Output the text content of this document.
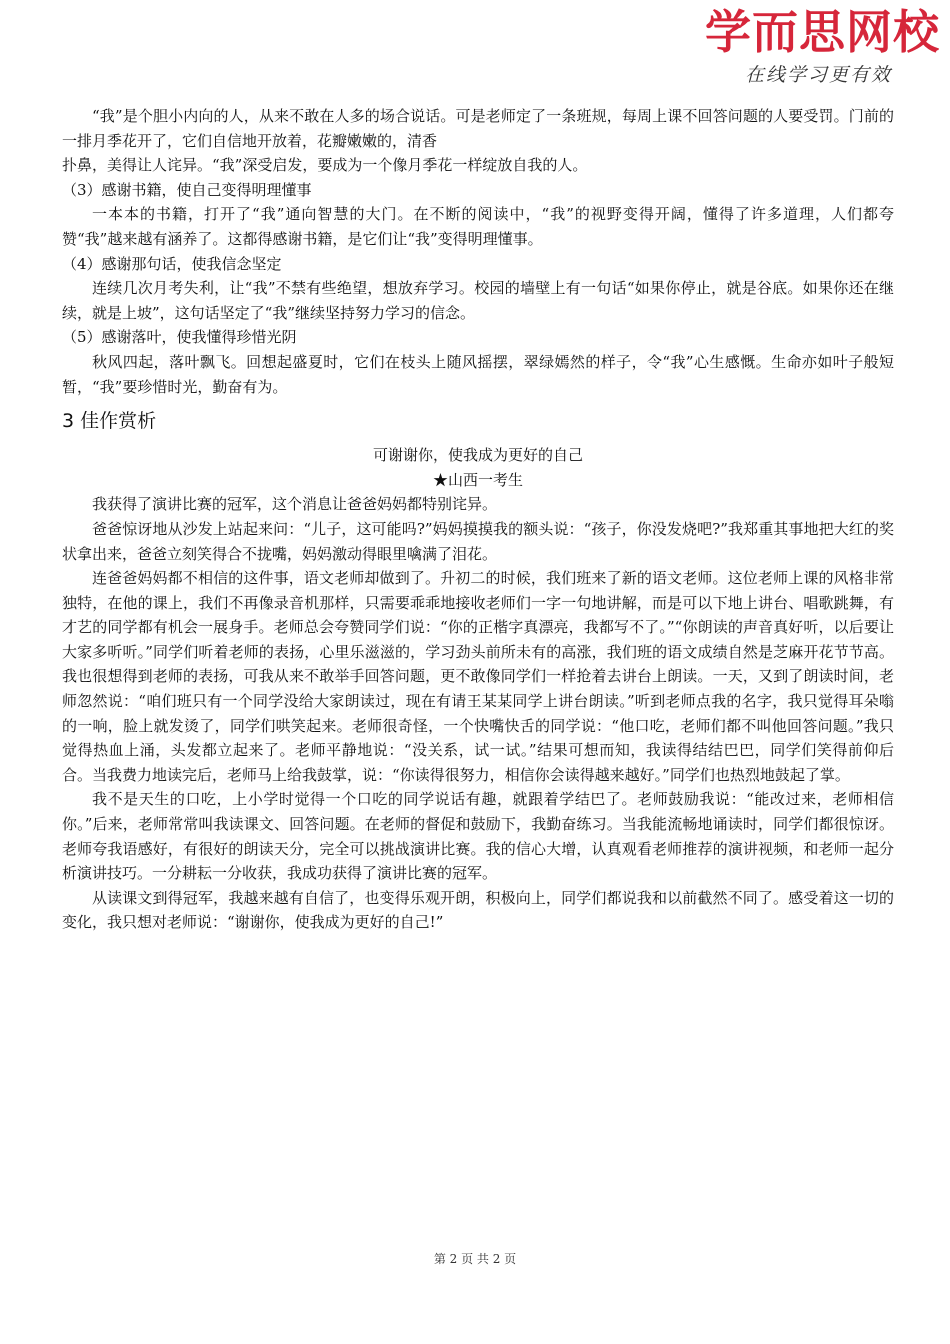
学而思网校
在线学习更有效

“我”是个胆小内向的人，从来不敢在人多的场合说话。可是老师定了一条班规，每周上课不回答问题的人要受罚。门前的一排月季花开了，它们自信地开放着，花瓣嫩嫩的，清香

扑鼻，美得让人诧异。“我”深受启发，要成为一个像月季花一样绽放自我的人。

（3）感谢书籍，使自己变得明理懂事

一本本的书籍，打开了“我”通向智慧的大门。在不断的阅读中，“我”的视野变得开阔，懂得了许多道理，人们都夸赞“我”越来越有涵养了。这都得感谢书籍，是它们让“我”变得明理懂事。

（4）感谢那句话，使我信念坚定

连续几次月考失利，让“我”不禁有些绝望，想放弃学习。校园的墙壁上有一句话“如果你停止，就是谷底。如果你还在继续，就是上坡”，这句话坚定了“我”继续坚持努力学习的信念。

（5）感谢落叶，使我懂得珍惜光阴

秋风四起，落叶飘飞。回想起盛夏时，它们在枝头上随风摇摆，翠绿嫣然的样子，令“我”心生感慨。生命亦如叶子般短暂，“我”要珍惜时光，勤奋有为。

3 佳作赏析

可谢谢你，使我成为更好的自己

★山西一考生

我获得了演讲比赛的冠军，这个消息让爸爸妈妈都特别诧异。

爸爸惊讶地从沙发上站起来问：“儿子，这可能吗?”妈妈摸摸我的额头说：“孩子，你没发烧吧?”我郑重其事地把大红的奖状拿出来，爸爸立刻笑得合不拢嘴，妈妈激动得眼里噙满了泪花。

连爸爸妈妈都不相信的这件事，语文老师却做到了。升初二的时候，我们班来了新的语文老师。这位老师上课的风格非常独特，在他的课上，我们不再像录音机那样，只需要乖乖地接收老师们一字一句地讲解，而是可以下地上讲台、唱歌跳舞，有才艺的同学都有机会一展身手。老师总会夸赞同学们说：“你的正楷字真漂亮，我都写不了。”“你朗读的声音真好听，以后要让大家多听听。”同学们听着老师的表扬，心里乐滋滋的，学习劲头前所未有的高涨，我们班的语文成绩自然是芝麻开花节节高。我也很想得到老师的表扬，可我从来不敢举手回答问题，更不敢像同学们一样抢着去讲台上朗读。一天，又到了朗读时间，老师忽然说：“咱们班只有一个同学没给大家朗读过，现在有请王某某同学上讲台朗读。”听到老师点我的名字，我只觉得耳朵嗡的一响，脸上就发烫了，同学们哄笑起来。老师很奇怪，一个快嘴快舌的同学说：“他口吃，老师们都不叫他回答问题。”我只觉得热血上涌，头发都立起来了。老师平静地说：“没关系，试一试。”结果可想而知，我读得结结巴巴，同学们笑得前仰后合。当我费力地读完后，老师马上给我鼓掌，说：“你读得很努力，相信你会读得越来越好。”同学们也热烈地鼓起了掌。

我不是天生的口吃，上小学时觉得一个口吃的同学说话有趣，就跟着学结巴了。老师鼓励我说：“能改过来，老师相信你。”后来，老师常常叫我读课文、回答问题。在老师的督促和鼓励下，我勤奋练习。当我能流畅地诵读时，同学们都很惊讶。老师夸我语感好，有很好的朗读天分，完全可以挑战演讲比赛。我的信心大增，认真观看老师推荐的演讲视频，和老师一起分析演讲技巧。一分耕耘一分收获，我成功获得了演讲比赛的冠军。

从读课文到得冠军，我越来越有自信了，也变得乐观开朗，积极向上，同学们都说我和以前截然不同了。感受着这一切的变化，我只想对老师说：“谢谢你，使我成为更好的自己!”

第 2 页 共 2 页
